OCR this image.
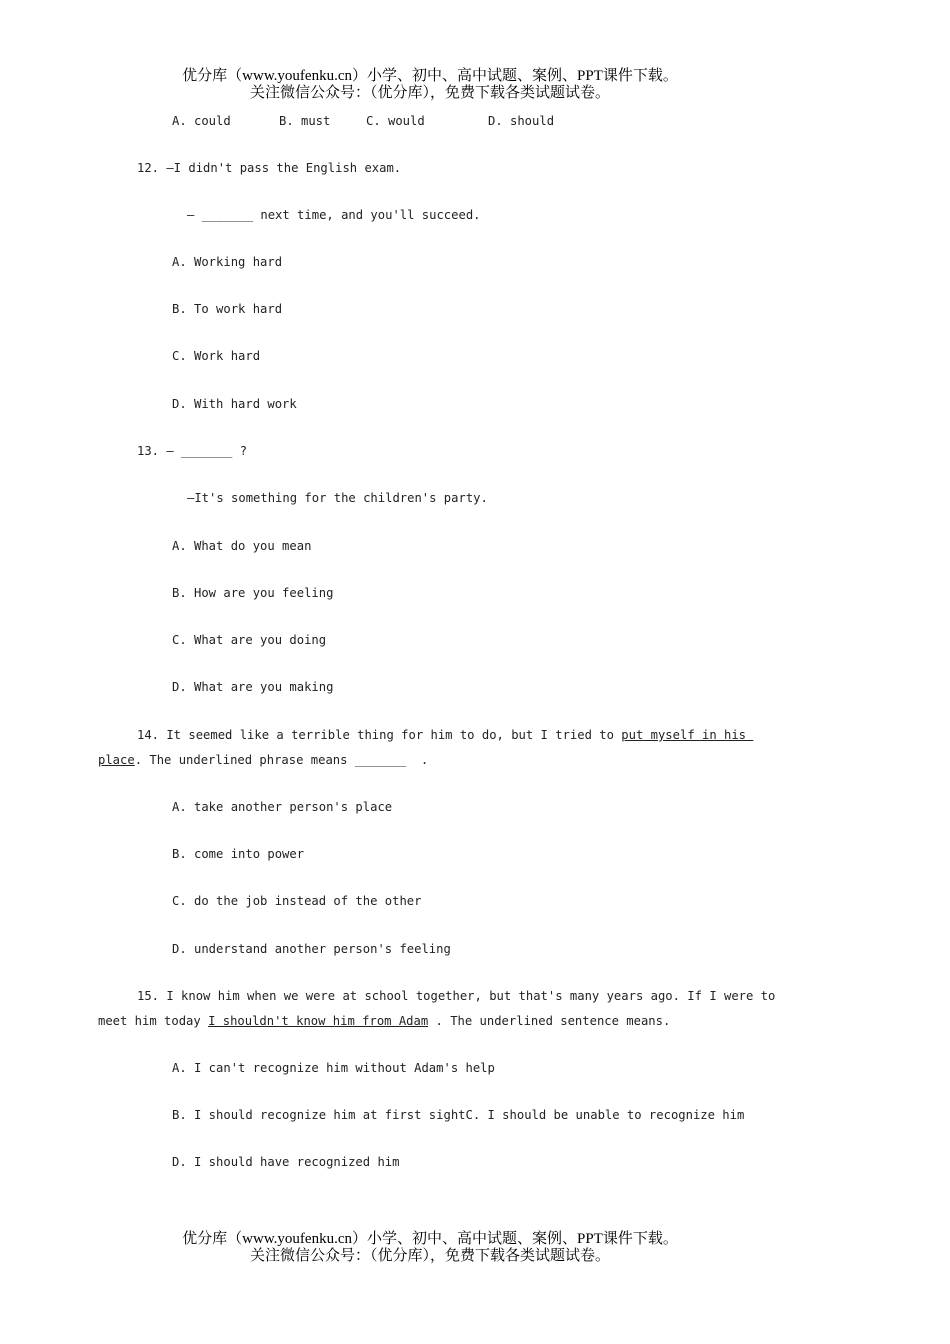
优分库（www.youfenku.cn）小学、初中、高中试题、案例、PPT课件下载。
关注微信公众号：（优分库），免费下载各类试题试卷。
A. could	B. must	C. would	D. should
12. —I didn't pass the English exam.
— _______ next time, and you'll succeed.
A. Working hard
B. To work hard
C. Work hard
D. With hard work
13. — _______ ?
—It's something for the children's party.
A. What do you mean
B. How are you feeling
C. What are you doing
D. What are you making
14. It seemed like a terrible thing for him to do, but I tried to put myself in his
place. The underlined phrase means _______  .
A. take another person's place
B. come into power
C. do the job instead of the other
D. understand another person's feeling
15. I know him when we were at school together, but that's many years ago. If I were to
meet him today I shouldn't know him from Adam . The underlined sentence means.
A. I can't recognize him without Adam's help
B. I should recognize him at first sightC. I should be unable to recognize him
D. I should have recognized him
优分库（www.youfenku.cn）小学、初中、高中试题、案例、PPT课件下载。
关注微信公众号：（优分库），免费下载各类试题试卷。
